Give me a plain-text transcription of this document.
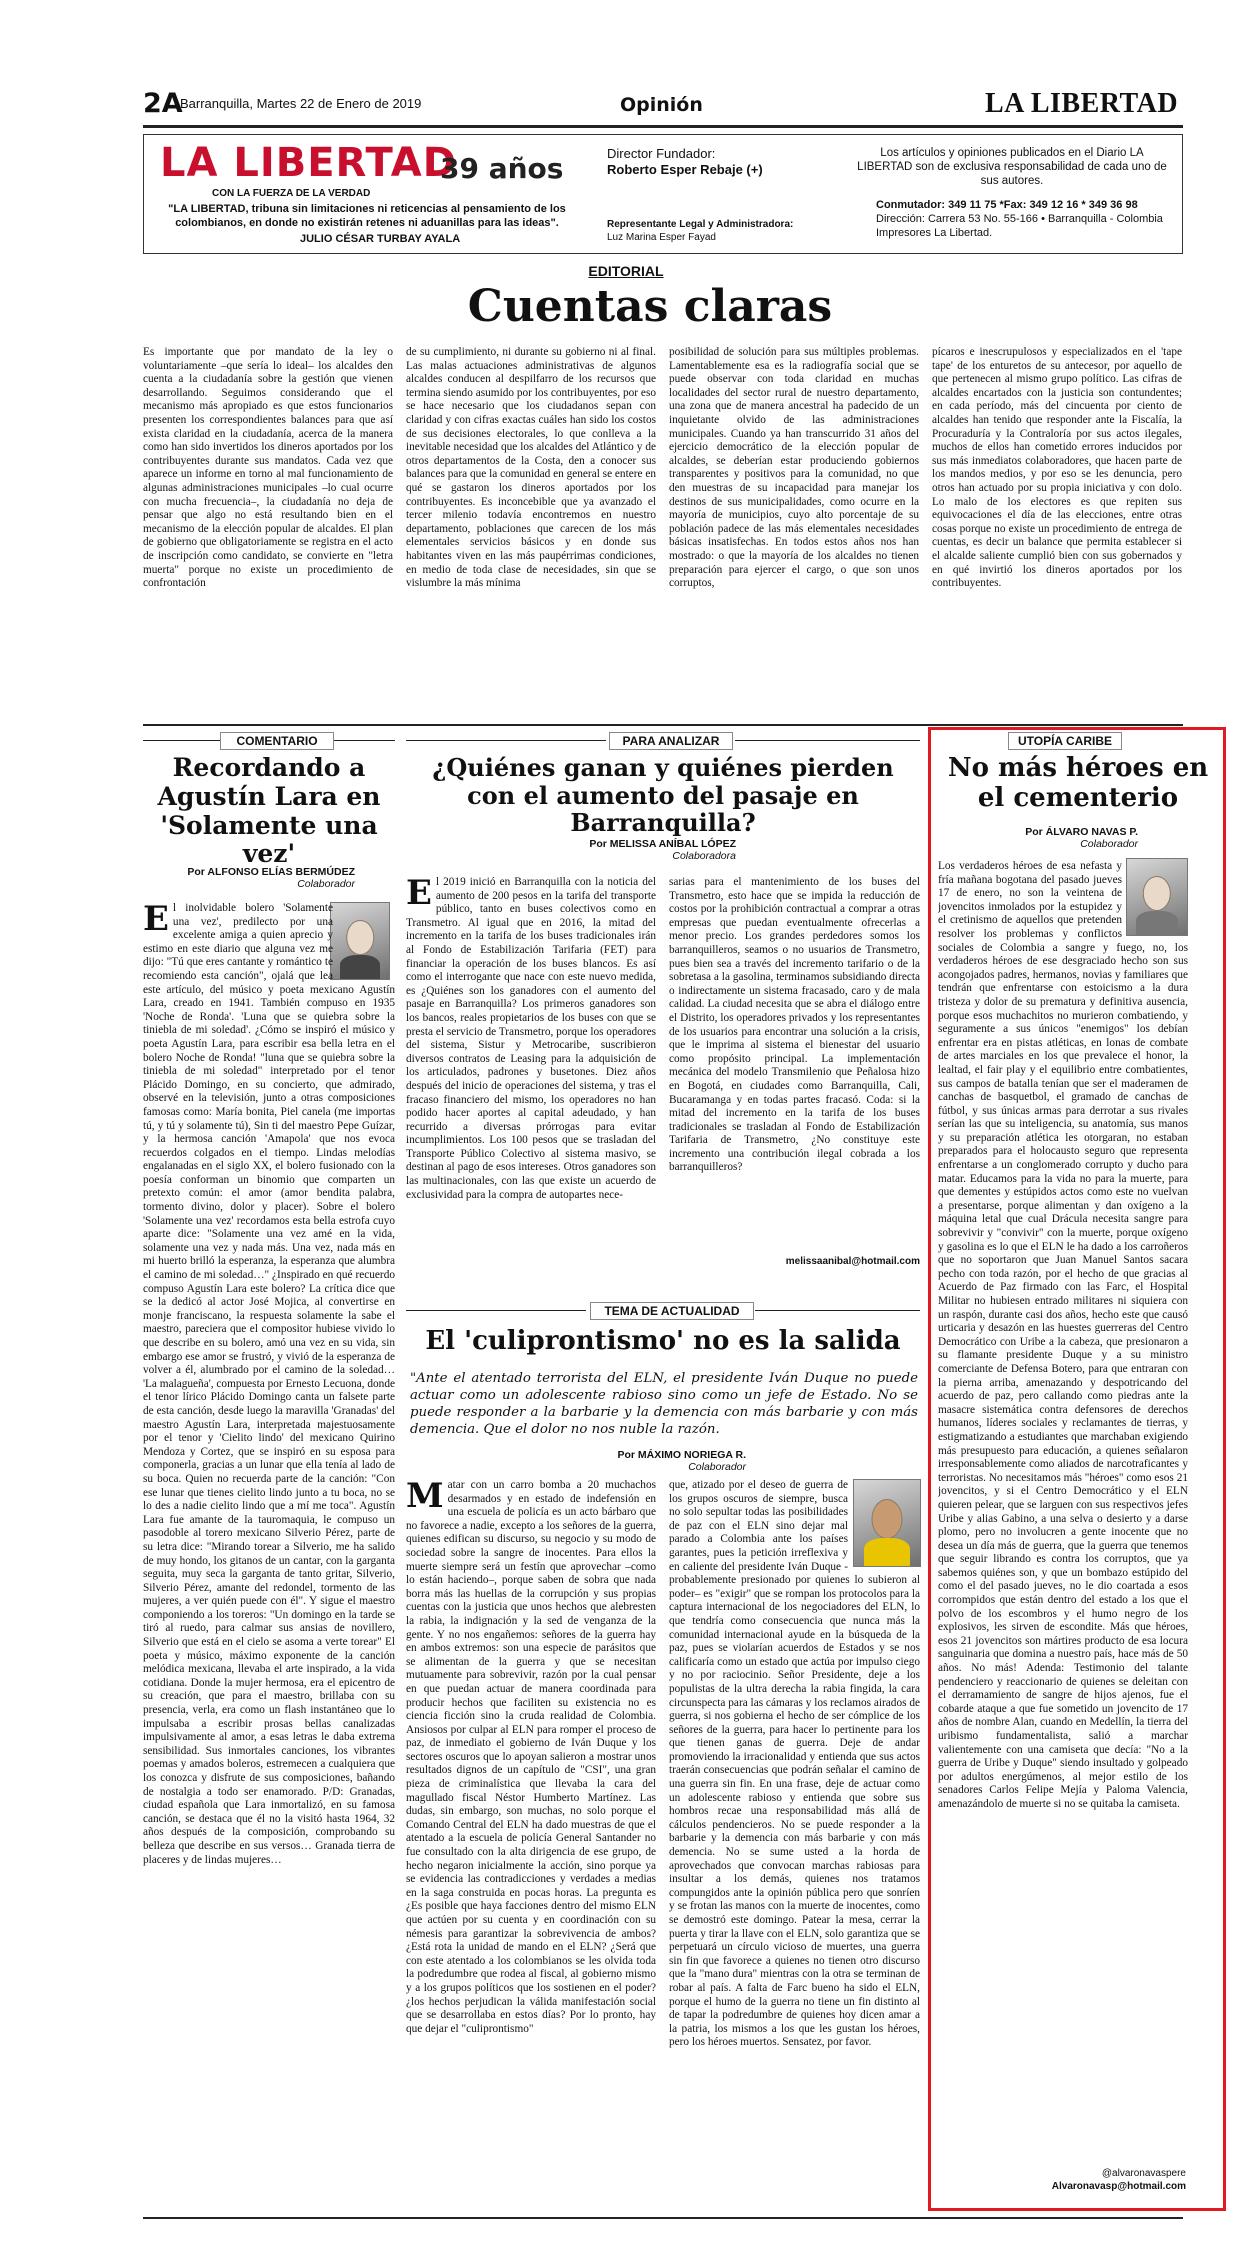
2A
Barranquilla, Martes 22 de Enero de 2019	Opinión	LA LIBERTAD
LA LIBERTAD
39 años
CON LA FUERZA DE LA VERDAD
"LA LIBERTAD, tribuna sin limitaciones ni reticencias al pensamiento de los colombianos, en donde no existirán retenes ni aduanillas para las ideas".
JULIO CÉSAR TURBAY AYALA
Director Fundador:
Roberto Esper Rebaje (+)
Representante Legal y Administradora:
Luz Marina Esper Fayad
Los artículos y opiniones publicados en el Diario LA LIBERTAD son de exclusiva responsabilidad de cada uno de sus autores.
Conmutador: 349 11 75 *Fax: 349 12 16 * 349 36 98
Dirección: Carrera 53 No. 55-166 • Barranquilla - Colombia
Impresores La Libertad.
EDITORIAL
Cuentas claras
Es importante que por mandato de la ley o voluntariamente –que sería lo ideal– los alcaldes den cuenta a la ciudadanía sobre la gestión que vienen desarrollando. Seguimos considerando que el mecanismo más apropiado es que estos funcionarios presenten los correspondientes balances para que así exista claridad en la ciudadanía, acerca de la manera como han sido invertidos los dineros aportados por los contribuyentes durante sus mandatos. Cada vez que aparece un informe en torno al mal funcionamiento de algunas administraciones municipales –lo cual ocurre con mucha frecuencia–, la ciudadanía no deja de pensar que algo no está resultando bien en el mecanismo de la elección popular de alcaldes. El plan de gobierno que obligatoriamente se registra en el acto de inscripción como candidato, se convierte en "letra muerta" porque no existe un procedimiento de confrontación
de su cumplimiento, ni durante su gobierno ni al final. Las malas actuaciones administrativas de algunos alcaldes conducen al despilfarro de los recursos que termina siendo asumido por los contribuyentes, por eso se hace necesario que los ciudadanos sepan con claridad y con cifras exactas cuáles han sido los costos de sus decisiones electorales, lo que conlleva a la inevitable necesidad que los alcaldes del Atlántico y de otros departamentos de la Costa, den a conocer sus balances para que la comunidad en general se entere en qué se gastaron los dineros aportados por los contribuyentes. Es inconcebible que ya avanzado el tercer milenio todavía encontremos en nuestro departamento, poblaciones que carecen de los más elementales servicios básicos y en donde sus habitantes viven en las más paupérrimas condiciones, en medio de toda clase de necesidades, sin que se vislumbre la más mínima
posibilidad de solución para sus múltiples problemas. Lamentablemente esa es la radiografía social que se puede observar con toda claridad en muchas localidades del sector rural de nuestro departamento, una zona que de manera ancestral ha padecido de un inquietante olvido de las administraciones municipales. Cuando ya han transcurrido 31 años del ejercicio democrático de la elección popular de alcaldes, se deberían estar produciendo gobiernos transparentes y positivos para la comunidad, no que den muestras de su incapacidad para manejar los destinos de sus municipalidades, como ocurre en la mayoría de municipios, cuyo alto porcentaje de su población padece de las más elementales necesidades básicas insatisfechas. En todos estos años nos han mostrado: o que la mayoría de los alcaldes no tienen preparación para ejercer el cargo, o que son unos corruptos,
pícaros e inescrupulosos y especializados en el 'tape tape' de los enturetos de su antecesor, por aquello de que pertenecen al mismo grupo político. Las cifras de alcaldes encartados con la justicia son contundentes; en cada período, más del cincuenta por ciento de alcaldes han tenido que responder ante la Fiscalía, la Procuraduría y la Contraloría por sus actos ilegales, muchos de ellos han cometido errores inducidos por sus más inmediatos colaboradores, que hacen parte de los mandos medios, y por eso se les denuncia, pero otros han actuado por su propia iniciativa y con dolo. Lo malo de los electores es que repiten sus equivocaciones el día de las elecciones, entre otras cosas porque no existe un procedimiento de entrega de cuentas, es decir un balance que permita establecer si el alcalde saliente cumplió bien con sus gobernados y en qué invirtió los dineros aportados por los contribuyentes.
COMENTARIO
Recordando a Agustín Lara en 'Solamente una vez'
Por ALFONSO ELÍAS BERMÚDEZ
Colaborador
El inolvidable bolero 'Solamente una vez', predilecto por una excelente amiga a quien aprecio y estimo en este diario que alguna vez me dijo: "Tú que eres cantante y romántico te recomiendo esta canción", ojalá que lea este artículo, del músico y poeta mexicano Agustín Lara, creado en 1941. También compuso en 1935 'Noche de Ronda'. 'Luna que se quiebra sobre la tiniebla de mi soledad'. ¿Cómo se inspiró el músico y poeta Agustín Lara, para escribir esa bella letra en el bolero Noche de Ronda! "luna que se quiebra sobre la tiniebla de mi soledad" interpretado por el tenor Plácido Domingo, en su concierto, que admirado, observé en la televisión, junto a otras composiciones famosas como: María bonita, Piel canela (me importas tú, y tú y solamente tú), Sin ti del maestro Pepe Guízar, y la hermosa canción 'Amapola' que nos evoca recuerdos colgados en el tiempo. Lindas melodías engalanadas en el siglo XX, el bolero fusionado con la poesía conforman un binomio que comparten un pretexto común: el amor (amor bendita palabra, tormento divino, dolor y placer). Sobre el bolero 'Solamente una vez' recordamos esta bella estrofa cuyo aparte dice: "Solamente una vez amé en la vida, solamente una vez y nada más. Una vez, nada más en mi huerto brilló la esperanza, la esperanza que alumbra el camino de mi soledad…" ¿Inspirado en qué recuerdo compuso Agustín Lara este bolero? La crítica dice que se la dedicó al actor José Mojica, al convertirse en monje franciscano, la respuesta solamente la sabe el maestro, pareciera que el compositor hubiese vivido lo que describe en su bolero, amó una vez en su vida, sin embargo ese amor se frustró, y vivió de la esperanza de volver a él, alumbrado por el camino de la soledad… 'La malagueña', compuesta por Ernesto Lecuona, donde el tenor lírico Plácido Domingo canta un falsete parte de esta canción, desde luego la maravilla 'Granadas' del maestro Agustín Lara, interpretada majestuosamente por el tenor y 'Cielito lindo' del mexicano Quirino Mendoza y Cortez, que se inspiró en su esposa para componerla, gracias a un lunar que ella tenía al lado de su boca. Quien no recuerda parte de la canción: "Con ese lunar que tienes cielito lindo junto a tu boca, no se lo des a nadie cielito lindo que a mí me toca". Agustín Lara fue amante de la tauromaquia, le compuso un pasodoble al torero mexicano Silverio Pérez, parte de su letra dice: "Mirando torear a Silverio, me ha salido de muy hondo, los gitanos de un cantar, con la garganta seguita, muy seca la garganta de tanto gritar, Silverio, Silverio Pérez, amante del redondel, tormento de las mujeres, a ver quién puede con él". Y sigue el maestro componiendo a los toreros: "Un domingo en la tarde se tiró al ruedo, para calmar sus ansias de novillero, Silverio que está en el cielo se asoma a verte torear" El poeta y músico, máximo exponente de la canción melódica mexicana, llevaba el arte inspirado, a la vida cotidiana. Donde la mujer hermosa, era el epicentro de su creación, que para el maestro, brillaba con su presencia, verla, era como un flash instantáneo que lo impulsaba a escribir prosas bellas canalizadas impulsivamente al amor, a esas letras le daba extrema sensibilidad. Sus inmortales canciones, los vibrantes poemas y amados boleros, estremecen a cualquiera que los conozca y disfrute de sus composiciones, bañando de nostalgia a todo ser enamorado. P/D: Granadas, ciudad española que Lara inmortalizó, en su famosa canción, se destaca que él no la visitó hasta 1964, 32 años después de la composición, comprobando su belleza que describe en sus versos… Granada tierra de placeres y de lindas mujeres…
PARA ANALIZAR
¿Quiénes ganan y quiénes pierden con el aumento del pasaje en Barranquilla?
Por MELISSA ANÍBAL LÓPEZ
Colaboradora
El 2019 inició en Barranquilla con la noticia del aumento de 200 pesos en la tarifa del transporte público, tanto en buses colectivos como en Transmetro. Al igual que en 2016, la mitad del incremento en la tarifa de los buses tradicionales irán al Fondo de Estabilización Tarifaria (FET) para financiar la operación de los buses blancos. Es así como el interrogante que nace con este nuevo medida, es ¿Quiénes son los ganadores con el aumento del pasaje en Barranquilla? Los primeros ganadores son los bancos, reales propietarios de los buses con que se presta el servicio de Transmetro, porque los operadores del sistema, Sistur y Metrocaribe, suscribieron diversos contratos de Leasing para la adquisición de los articulados, padrones y busetones. Diez años después del inicio de operaciones del sistema, y tras el fracaso financiero del mismo, los operadores no han podido hacer aportes al capital adeudado, y han recurrido a diversas prórrogas para evitar incumplimientos. Los 100 pesos que se trasladan del Transporte Público Colectivo al sistema masivo, se destinan al pago de esos intereses. Otros ganadores son las multinacionales, con las que existe un acuerdo de exclusividad para la compra de autopartes nece-
sarias para el mantenimiento de los buses del Transmetro, esto hace que se impida la reducción de costos por la prohibición contractual a comprar a otras empresas que puedan eventualmente ofrecerlas a menor precio. Los grandes perdedores somos los barranquilleros, seamos o no usuarios de Transmetro, pues bien sea a través del incremento tarifario o de la sobretasa a la gasolina, terminamos subsidiando directa o indirectamente un sistema fracasado, caro y de mala calidad. La ciudad necesita que se abra el diálogo entre el Distrito, los operadores privados y los representantes de los usuarios para encontrar una solución a la crisis, que le imprima al sistema el bienestar del usuario como propósito principal. La implementación mecánica del modelo Transmilenio que Peñalosa hizo en Bogotá, en ciudades como Barranquilla, Cali, Bucaramanga y en todas partes fracasó. Coda: si la mitad del incremento en la tarifa de los buses tradicionales se trasladan al Fondo de Estabilización Tarifaria de Transmetro, ¿No constituye este incremento una contribución ilegal cobrada a los barranquilleros?
melissaanibal@hotmail.com
TEMA DE ACTUALIDAD
El 'culiprontismo' no es la salida
"Ante el atentado terrorista del ELN, el presidente Iván Duque no puede actuar como un adolescente rabioso sino como un jefe de Estado. No se puede responder a la barbarie y la demencia con más barbarie y con más demencia. Que el dolor no nos nuble la razón.
Por MÁXIMO NORIEGA R.
Colaborador
Matar con un carro bomba a 20 muchachos desarmados y en estado de indefensión en una escuela de policía es un acto bárbaro que no favorece a nadie, excepto a los señores de la guerra, quienes edifican su discurso, su negocio y su modo de sociedad sobre la sangre de inocentes. Para ellos la muerte siempre será un festín que aprovechar –como lo están haciendo–, porque saben de sobra que nada borra más las huellas de la corrupción y sus propias cuentas con la justicia que unos hechos que alebresten la rabia, la indignación y la sed de venganza de la gente. Y no nos engañemos: señores de la guerra hay en ambos extremos: son una especie de parásitos que se alimentan de la guerra y que se necesitan mutuamente para sobrevivir, razón por la cual pensar en que puedan actuar de manera coordinada para producir hechos que faciliten su existencia no es ciencia ficción sino la cruda realidad de Colombia. Ansiosos por culpar al ELN para romper el proceso de paz, de inmediato el gobierno de Iván Duque y los sectores oscuros que lo apoyan salieron a mostrar unos resultados dignos de un capítulo de "CSI", una gran pieza de criminalística que llevaba la cara del magullado fiscal Néstor Humberto Martínez. Las dudas, sin embargo, son muchas, no solo porque el Comando Central del ELN ha dado muestras de que el atentado a la escuela de policía General Santander no fue consultado con la alta dirigencia de ese grupo, de hecho negaron inicialmente la acción, sino porque ya se evidencia las contradicciones y verdades a medias en la saga construida en pocas horas. La pregunta es ¿Es posible que haya facciones dentro del mismo ELN que actúen por su cuenta y en coordinación con su némesis para garantizar la sobrevivencia de ambos? ¿Está rota la unidad de mando en el ELN? ¿Será que con este atentado a los colombianos se les olvida toda la podredumbre que rodea al fiscal, al gobierno mismo y a los grupos políticos que los sostienen en el poder? ¿los hechos perjudican la válida manifestación social que se desarrollaba en estos días? Por lo pronto, hay que dejar el "culiprontismo"
que, atizado por el deseo de guerra de los grupos oscuros de siempre, busca no solo sepultar todas las posibilidades de paz con el ELN sino dejar mal parado a Colombia ante los países garantes, pues la petición irreflexiva y en caliente del presidente Iván Duque -probablemente presionado por quienes lo subieron al poder– es "exigir" que se rompan los protocolos para la captura internacional de los negociadores del ELN, lo que tendría como consecuencia que nunca más la comunidad internacional ayude en la búsqueda de la paz, pues se violarían acuerdos de Estados y se nos calificaría como un estado que actúa por impulso ciego y no por raciocinio. Señor Presidente, deje a los populistas de la ultra derecha la rabia fingida, la cara circunspecta para las cámaras y los reclamos airados de guerra, si nos gobierna el hecho de ser cómplice de los señores de la guerra, para hacer lo pertinente para los que tienen ganas de guerra. Deje de andar promoviendo la irracionalidad y entienda que sus actos traerán consecuencias que podrán señalar el camino de una guerra sin fin. En una frase, deje de actuar como un adolescente rabioso y entienda que sobre sus hombros recae una responsabilidad más allá de cálculos pendencieros. No se puede responder a la barbarie y la demencia con más barbarie y con más demencia. No se sume usted a la horda de aprovechados que convocan marchas rabiosas para insultar a los demás, quienes nos tratamos compungidos ante la opinión pública pero que sonríen y se frotan las manos con la muerte de inocentes, como se demostró este domingo. Patear la mesa, cerrar la puerta y tirar la llave con el ELN, solo garantiza que se perpetuará un círculo vicioso de muertes, una guerra sin fin que favorece a quienes no tienen otro discurso que la "mano dura" mientras con la otra se terminan de robar al país. A falta de Farc bueno ha sido el ELN, porque el humo de la guerra no tiene un fin distinto al de tapar la podredumbre de quienes hoy dicen amar a la patria, los mismos a los que les gustan los héroes, pero los héroes muertos. Sensatez, por favor.
UTOPÍA CARIBE
No más héroes en el cementerio
Por ÁLVARO NAVAS P.
Colaborador
Los verdaderos héroes de esa nefasta y fría mañana bogotana del pasado jueves 17 de enero, no son la veintena de jovencitos inmolados por la estupidez y el cretinismo de aquellos que pretenden resolver los problemas y conflictos sociales de Colombia a sangre y fuego, no, los verdaderos héroes de ese desgraciado hecho son sus acongojados padres, hermanos, novias y familiares que tendrán que enfrentarse con estoicismo a la dura tristeza y dolor de su prematura y definitiva ausencia, porque esos muchachitos no murieron combatiendo, y seguramente a sus únicos "enemigos" los debían enfrentar era en pistas atléticas, en lonas de combate de artes marciales en los que prevalece el honor, la lealtad, el fair play y el equilibrio entre combatientes, sus campos de batalla tenían que ser el maderamen de canchas de basquetbol, el gramado de canchas de fútbol, y sus únicas armas para derrotar a sus rivales serían las que su inteligencia, su anatomía, sus manos y su preparación atlética les otorgaran, no estaban preparados para el holocausto seguro que representa enfrentarse a un conglomerado corrupto y ducho para matar. Educamos para la vida no para la muerte, para que dementes y estúpidos actos como este no vuelvan a presentarse, porque alimentan y dan oxígeno a la máquina letal que cual Drácula necesita sangre para sobrevivir y "convivir" con la muerte, porque oxígeno y gasolina es lo que el ELN le ha dado a los carroñeros que no soportaron que Juan Manuel Santos sacara pecho con toda razón, por el hecho de que gracias al Acuerdo de Paz firmado con las Farc, el Hospital Militar no hubiesen entrado militares ni siquiera con un raspón, durante casi dos años, hecho este que causó urticaria y desazón en las huestes guerreras del Centro Democrático con Uribe a la cabeza, que presionaron a su flamante presidente Duque y a su ministro comerciante de Defensa Botero, para que entraran con la pierna arriba, amenazando y despotricando del acuerdo de paz, pero callando como piedras ante la masacre sistemática contra defensores de derechos humanos, líderes sociales y reclamantes de tierras, y estigmatizando a estudiantes que marchaban exigiendo más presupuesto para educación, a quienes señalaron irresponsablemente como aliados de narcotraficantes y terroristas. No necesitamos más "héroes" como esos 21 jovencitos, y si el Centro Democrático y el ELN quieren pelear, que se larguen con sus respectivos jefes Uribe y alias Gabino, a una selva o desierto y a darse plomo, pero no involucren a gente inocente que no desea un día más de guerra, que la guerra que tenemos que seguir librando es contra los corruptos, que ya sabemos quiénes son, y que un bombazo estúpido del como el del pasado jueves, no le dio coartada a esos corrompidos que están dentro del estado a los que el polvo de los escombros y el humo negro de los explosivos, les sirven de escondite. Más que héroes, esos 21 jovencitos son mártires producto de esa locura sanguinaria que domina a nuestro país, hace más de 50 años. No más! Adenda: Testimonio del talante pendenciero y reaccionario de quienes se deleitan con el derramamiento de sangre de hijos ajenos, fue el cobarde ataque a que fue sometido un jovencito de 17 años de nombre Alan, cuando en Medellín, la tierra del uribismo fundamentalista, salió a marchar valientemente con una camiseta que decía: "No a la guerra de Uribe y Duque" siendo insultado y golpeado por adultos energúmenos, al mejor estilo de los senadores Carlos Felipe Mejía y Paloma Valencia, amenazándolo de muerte si no se quitaba la camiseta.
@alvaronavaspere
Alvaronavasp@hotmail.com
